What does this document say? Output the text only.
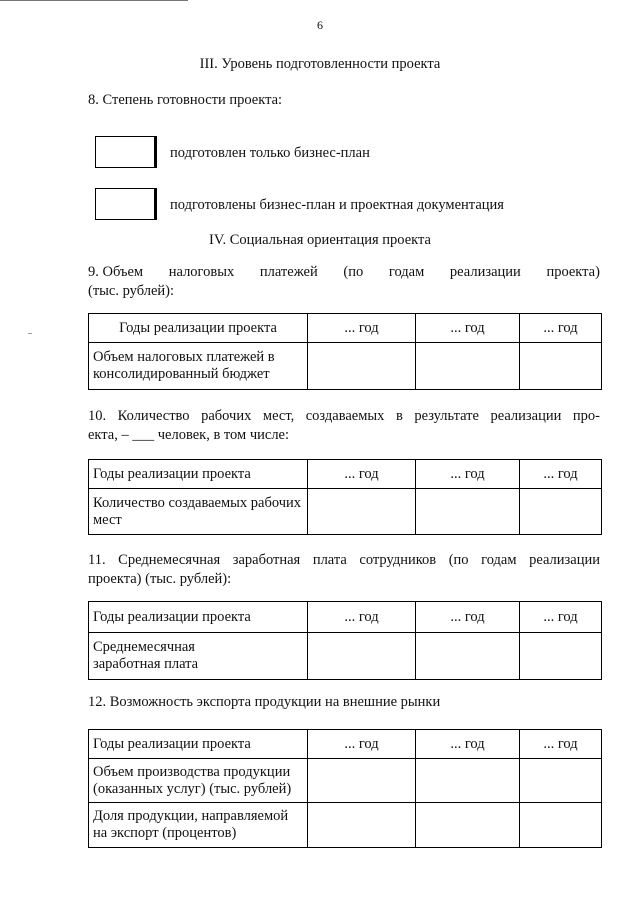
6
III. Уровень подготовленности проекта
8. Степень готовности проекта:
подготовлен только бизнес-план
подготовлены бизнес-план и проектная документация
IV. Социальная ориентация проекта
9. Объем налоговых платежей (по годам реализации проекта)
(тыс. рублей):
Годы реализации проекта	... год	... год	... год
Объем налоговых платежей в консолидированный бюджет			
10. Количество рабочих мест, создаваемых в результате реализации про-
екта, – ___ человек, в том числе:
Годы реализации проекта	... год	... год	... год
Количество создаваемых рабочих мест			
11. Среднемесячная заработная плата сотрудников (по годам реализации
проекта) (тыс. рублей):
Годы реализации проекта	... год	... год	... год
Среднемесячная заработная плата			
12. Возможность экспорта продукции на внешние рынки
Годы реализации проекта	... год	... год	... год
Объем производства продукции (оказанных услуг) (тыс. рублей)			
Доля продукции, направляемой на экспорт (процентов)			
